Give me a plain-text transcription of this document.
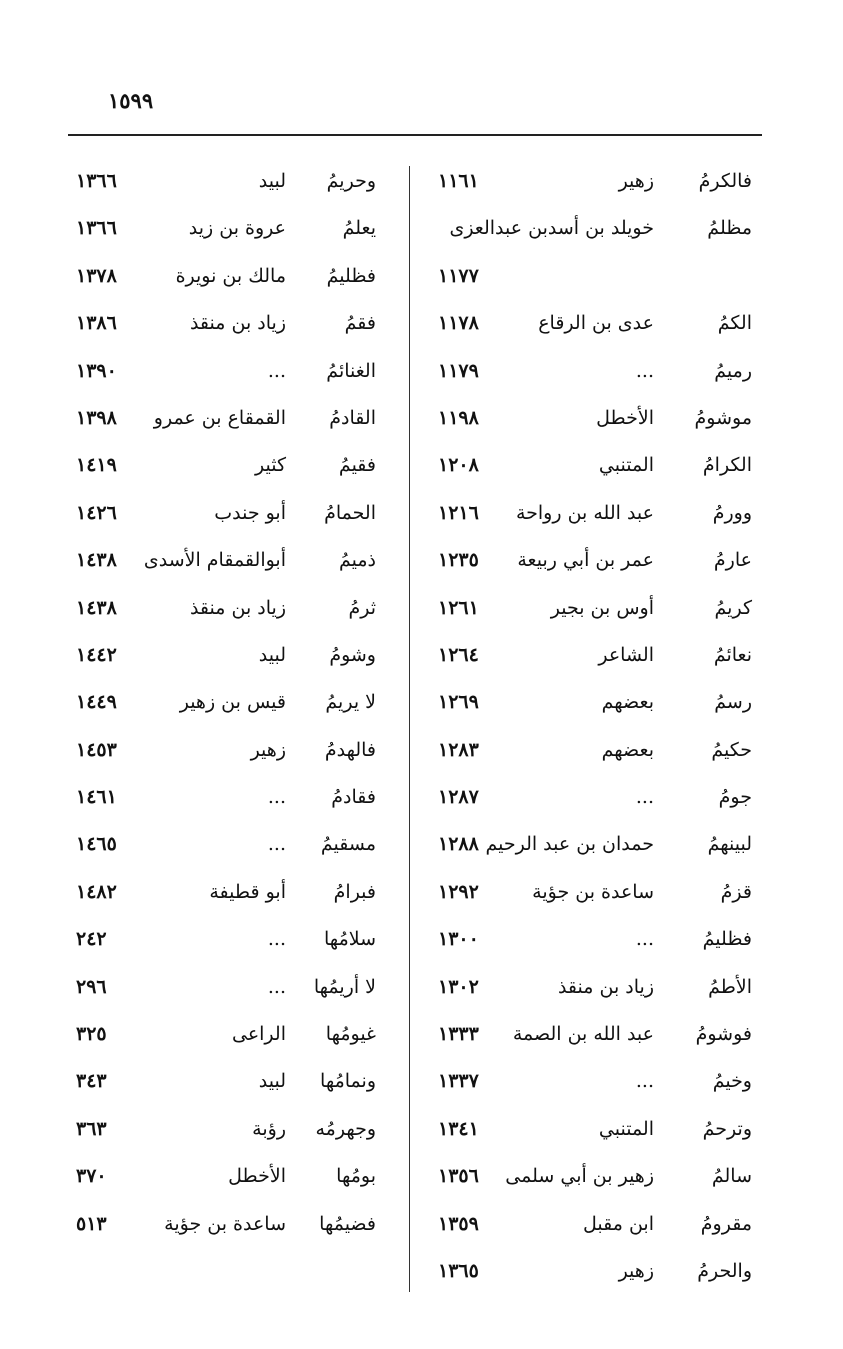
١٥٩٩
فالكرمُ
زهير
١١٦١
مظلمُ
خويلد بن أسدبن عبدالعزى
١١٧٧
الكمُ
عدى بن الرقاع
١١٧٨
رميمُ
...
١١٧٩
موشومُ
الأخطل
١١٩٨
الكرامُ
المتنبي
١٢٠٨
وورمُ
عبد الله بن رواحة
١٢١٦
عارمُ
عمر بن أبي ربيعة
١٢٣٥
كريمُ
أوس بن بجير
١٢٦١
نعائمُ
الشاعر
١٢٦٤
رسمُ
بعضهم
١٢٦٩
حكيمُ
بعضهم
١٢٨٣
جومُ
...
١٢٨٧
لبينهمُ
حمدان بن عبد الرحيم
١٢٨٨
قزمُ
ساعدة بن جؤية
١٢٩٢
فظليمُ
...
١٣٠٠
الأطمُ
زياد بن منقذ
١٣٠٢
فوشومُ
عبد الله بن الصمة
١٣٣٣
وخيمُ
...
١٣٣٧
وترحمُ
المتنبي
١٣٤١
سالمُ
زهير بن أبي سلمى
١٣٥٦
مقرومُ
ابن مقبل
١٣٥٩
والحرمُ
زهير
١٣٦٥
وحريمُ
لبيد
١٣٦٦
يعلمُ
عروة بن زيد
١٣٦٦
فظليمُ
مالك بن نويرة
١٣٧٨
فقمُ
زياد بن منقذ
١٣٨٦
الغنائمُ
...
١٣٩٠
القادمُ
القمقاع بن عمرو
١٣٩٨
فقيمُ
كثير
١٤١٩
الحمامُ
أبو جندب
١٤٢٦
ذميمُ
أبوالقمقام الأسدى
١٤٣٨
ثرمُ
زياد بن منقذ
١٤٣٨
وشومُ
لبيد
١٤٤٢
لا يريمُ
قيس بن زهير
١٤٤٩
فالهدمُ
زهير
١٤٥٣
فقادمُ
...
١٤٦١
مسقيمُ
...
١٤٦٥
فبرامُ
أبو قطيفة
١٤٨٢
سلامُها
...
٢٤٢
لا أريمُها
...
٢٩٦
غيومُها
الراعى
٣٢٥
ونمامُها
لبيد
٣٤٣
وجهرمُه
رؤبة
٣٦٣
بومُها
الأخطل
٣٧٠
فضيمُها
ساعدة بن جؤية
٥١٣
